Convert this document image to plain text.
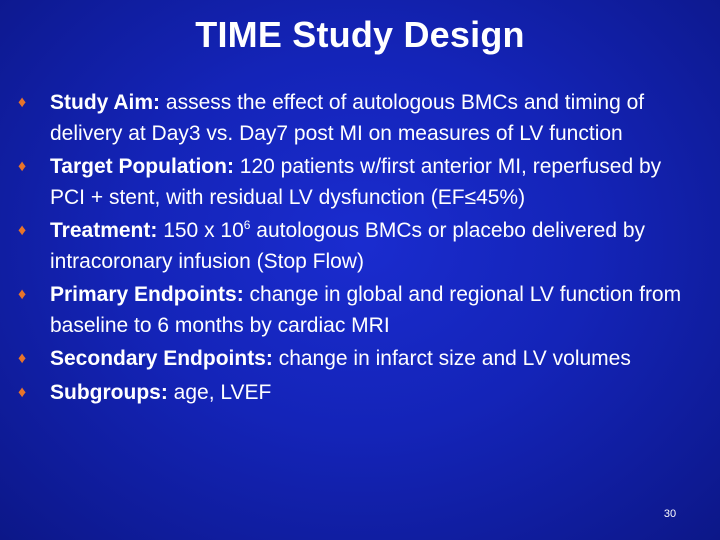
TIME Study Design
♦	Study Aim: assess the effect of autologous BMCs and timing of delivery at Day3 vs. Day7 post MI on measures of LV function
♦	Target Population: 120 patients w/first anterior MI, reperfused by PCI + stent, with residual LV dysfunction (EF≤45%)
♦	Treatment: 150 x $10^6$ autologous BMCs or placebo delivered by intracoronary infusion (Stop Flow)
♦	Primary Endpoints: change in global and regional LV function from baseline to 6 months by cardiac MRI
♦	Secondary Endpoints: change in infarct size and LV volumes
♦	Subgroups: age, LVEF
30
